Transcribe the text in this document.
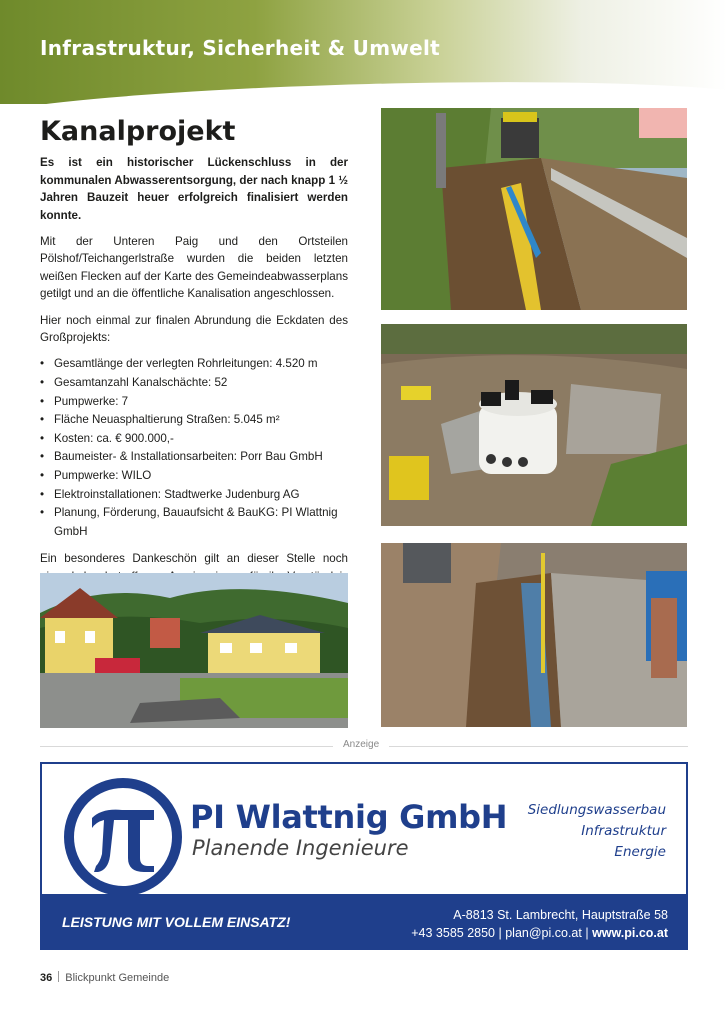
Infrastruktur, Sicherheit & Umwelt
Kanalprojekt

Es ist ein historischer Lückenschluss in der kommunalen Abwasserentsorgung, der nach knapp 1 ½ Jahren Bauzeit heuer erfolgreich finalisiert werden konnte.

Mit der Unteren Paig und den Ortsteilen Pölshof/Teichangerlstraße wurden die beiden letzten weißen Flecken auf der Karte des Gemeindeabwasserplans getilgt und an die öffentliche Kanalisation angeschlossen.

Hier noch einmal zur finalen Abrundung die Eckdaten des Großprojekts:

• Gesamtlänge der verlegten Rohrleitungen: 4.520 m
• Gesamtanzahl Kanalschächte: 52
• Pumpwerke: 7
• Fläche Neuasphaltierung Straßen: 5.045 m²
• Kosten: ca. € 900.000,-
• Baumeister- & Installationsarbeiten: Porr Bau GmbH
• Pumpwerke: WILO
• Elektroinstallationen: Stadtwerke Judenburg AG
• Planung, Förderung, Bauaufsicht & BauKG: PI Wlattnig GmbH

Ein besonderes Dankeschön gilt an dieser Stelle noch

Anzeige
PI Wlattnig GmbH
Planende Ingenieure
Siedlungswasserbau
Infrastruktur
Energie
LEISTUNG MIT VOLLEM EINSATZ!	A-8813 St. Lambrecht, Hauptstraße 58
+43 3585 2850 | plan@pi.co.at | www.pi.co.at
36 Blickpunkt Gemeinde
